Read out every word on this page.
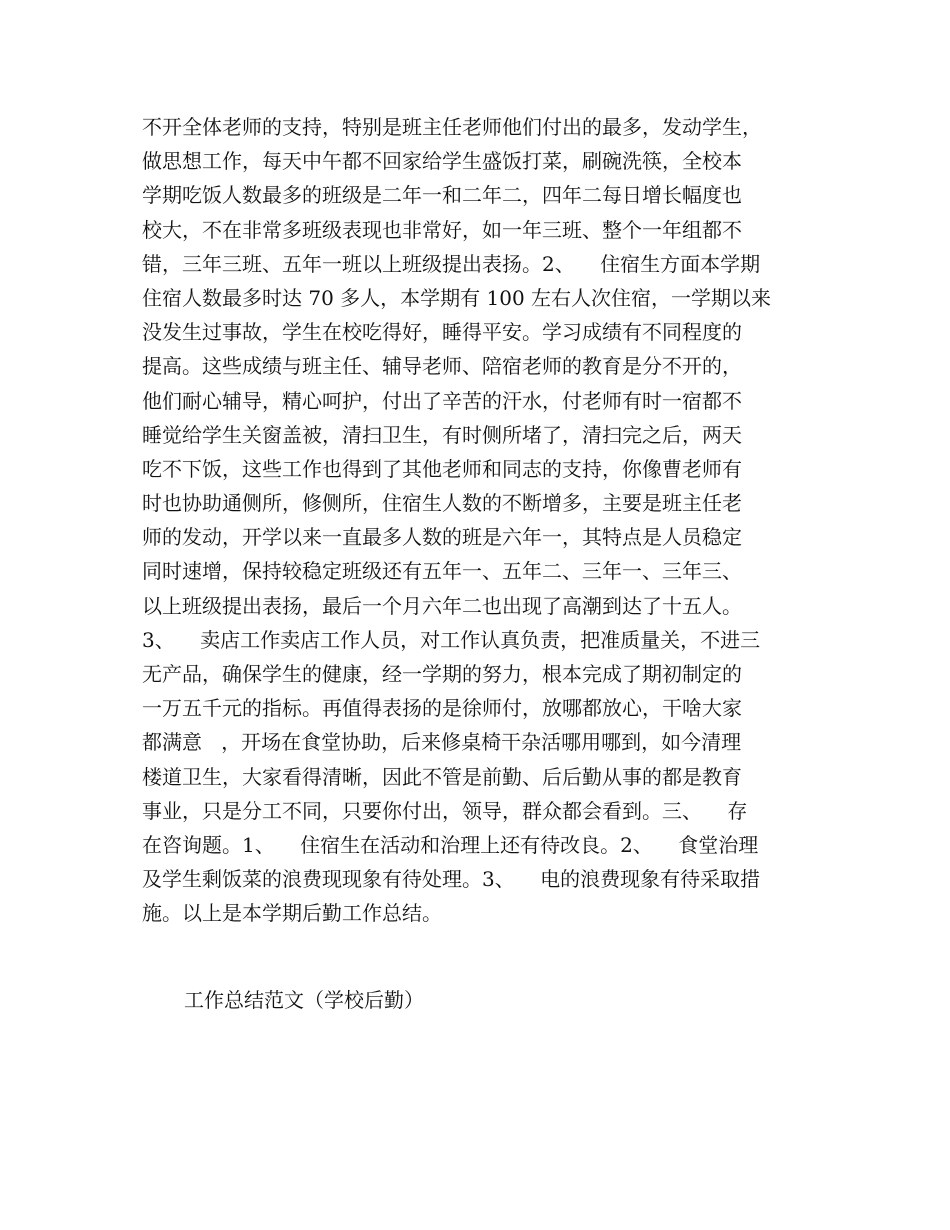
不开全体老师的支持，特别是班主任老师他们付出的最多，发动学生，
做思想工作，每天中午都不回家给学生盛饭打菜，刷碗洗筷，全校本
学期吃饭人数最多的班级是二年一和二年二，四年二每日增长幅度也
校大，不在非常多班级表现也非常好，如一年三班、整个一年组都不
错，三年三班、五年一班以上班级提出表扬。2、    住宿生方面本学期
住宿人数最多时达 70 多人，本学期有 100 左右人次住宿，一学期以来
没发生过事故，学生在校吃得好，睡得平安。学习成绩有不同程度的
提高。这些成绩与班主任、辅导老师、陪宿老师的教育是分不开的，
他们耐心辅导，精心呵护，付出了辛苦的汗水，付老师有时一宿都不
睡觉给学生关窗盖被，清扫卫生，有时侧所堵了，清扫完之后，两天
吃不下饭，这些工作也得到了其他老师和同志的支持，你像曹老师有
时也协助通侧所，修侧所，住宿生人数的不断增多，主要是班主任老
师的发动，开学以来一直最多人数的班是六年一，其特点是人员稳定
同时速增，保持较稳定班级还有五年一、五年二、三年一、三年三、
以上班级提出表扬，最后一个月六年二也出现了高潮到达了十五人。
3、    卖店工作卖店工作人员，对工作认真负责，把准质量关，不进三
无产品，确保学生的健康，经一学期的努力，根本完成了期初制定的
一万五千元的指标。再值得表扬的是徐师付，放哪都放心，干啥大家
都满意   ，开场在食堂协助，后来修桌椅干杂活哪用哪到，如今清理
楼道卫生，大家看得清晰，因此不管是前勤、后后勤从事的都是教育
事业，只是分工不同，只要你付出，领导，群众都会看到。三、    存
在咨询题。1、    住宿生在活动和治理上还有待改良。2、    食堂治理
及学生剩饭菜的浪费现现象有待处理。3、    电的浪费现象有待采取措
施。以上是本学期后勤工作总结。
工作总结范文（学校后勤）
